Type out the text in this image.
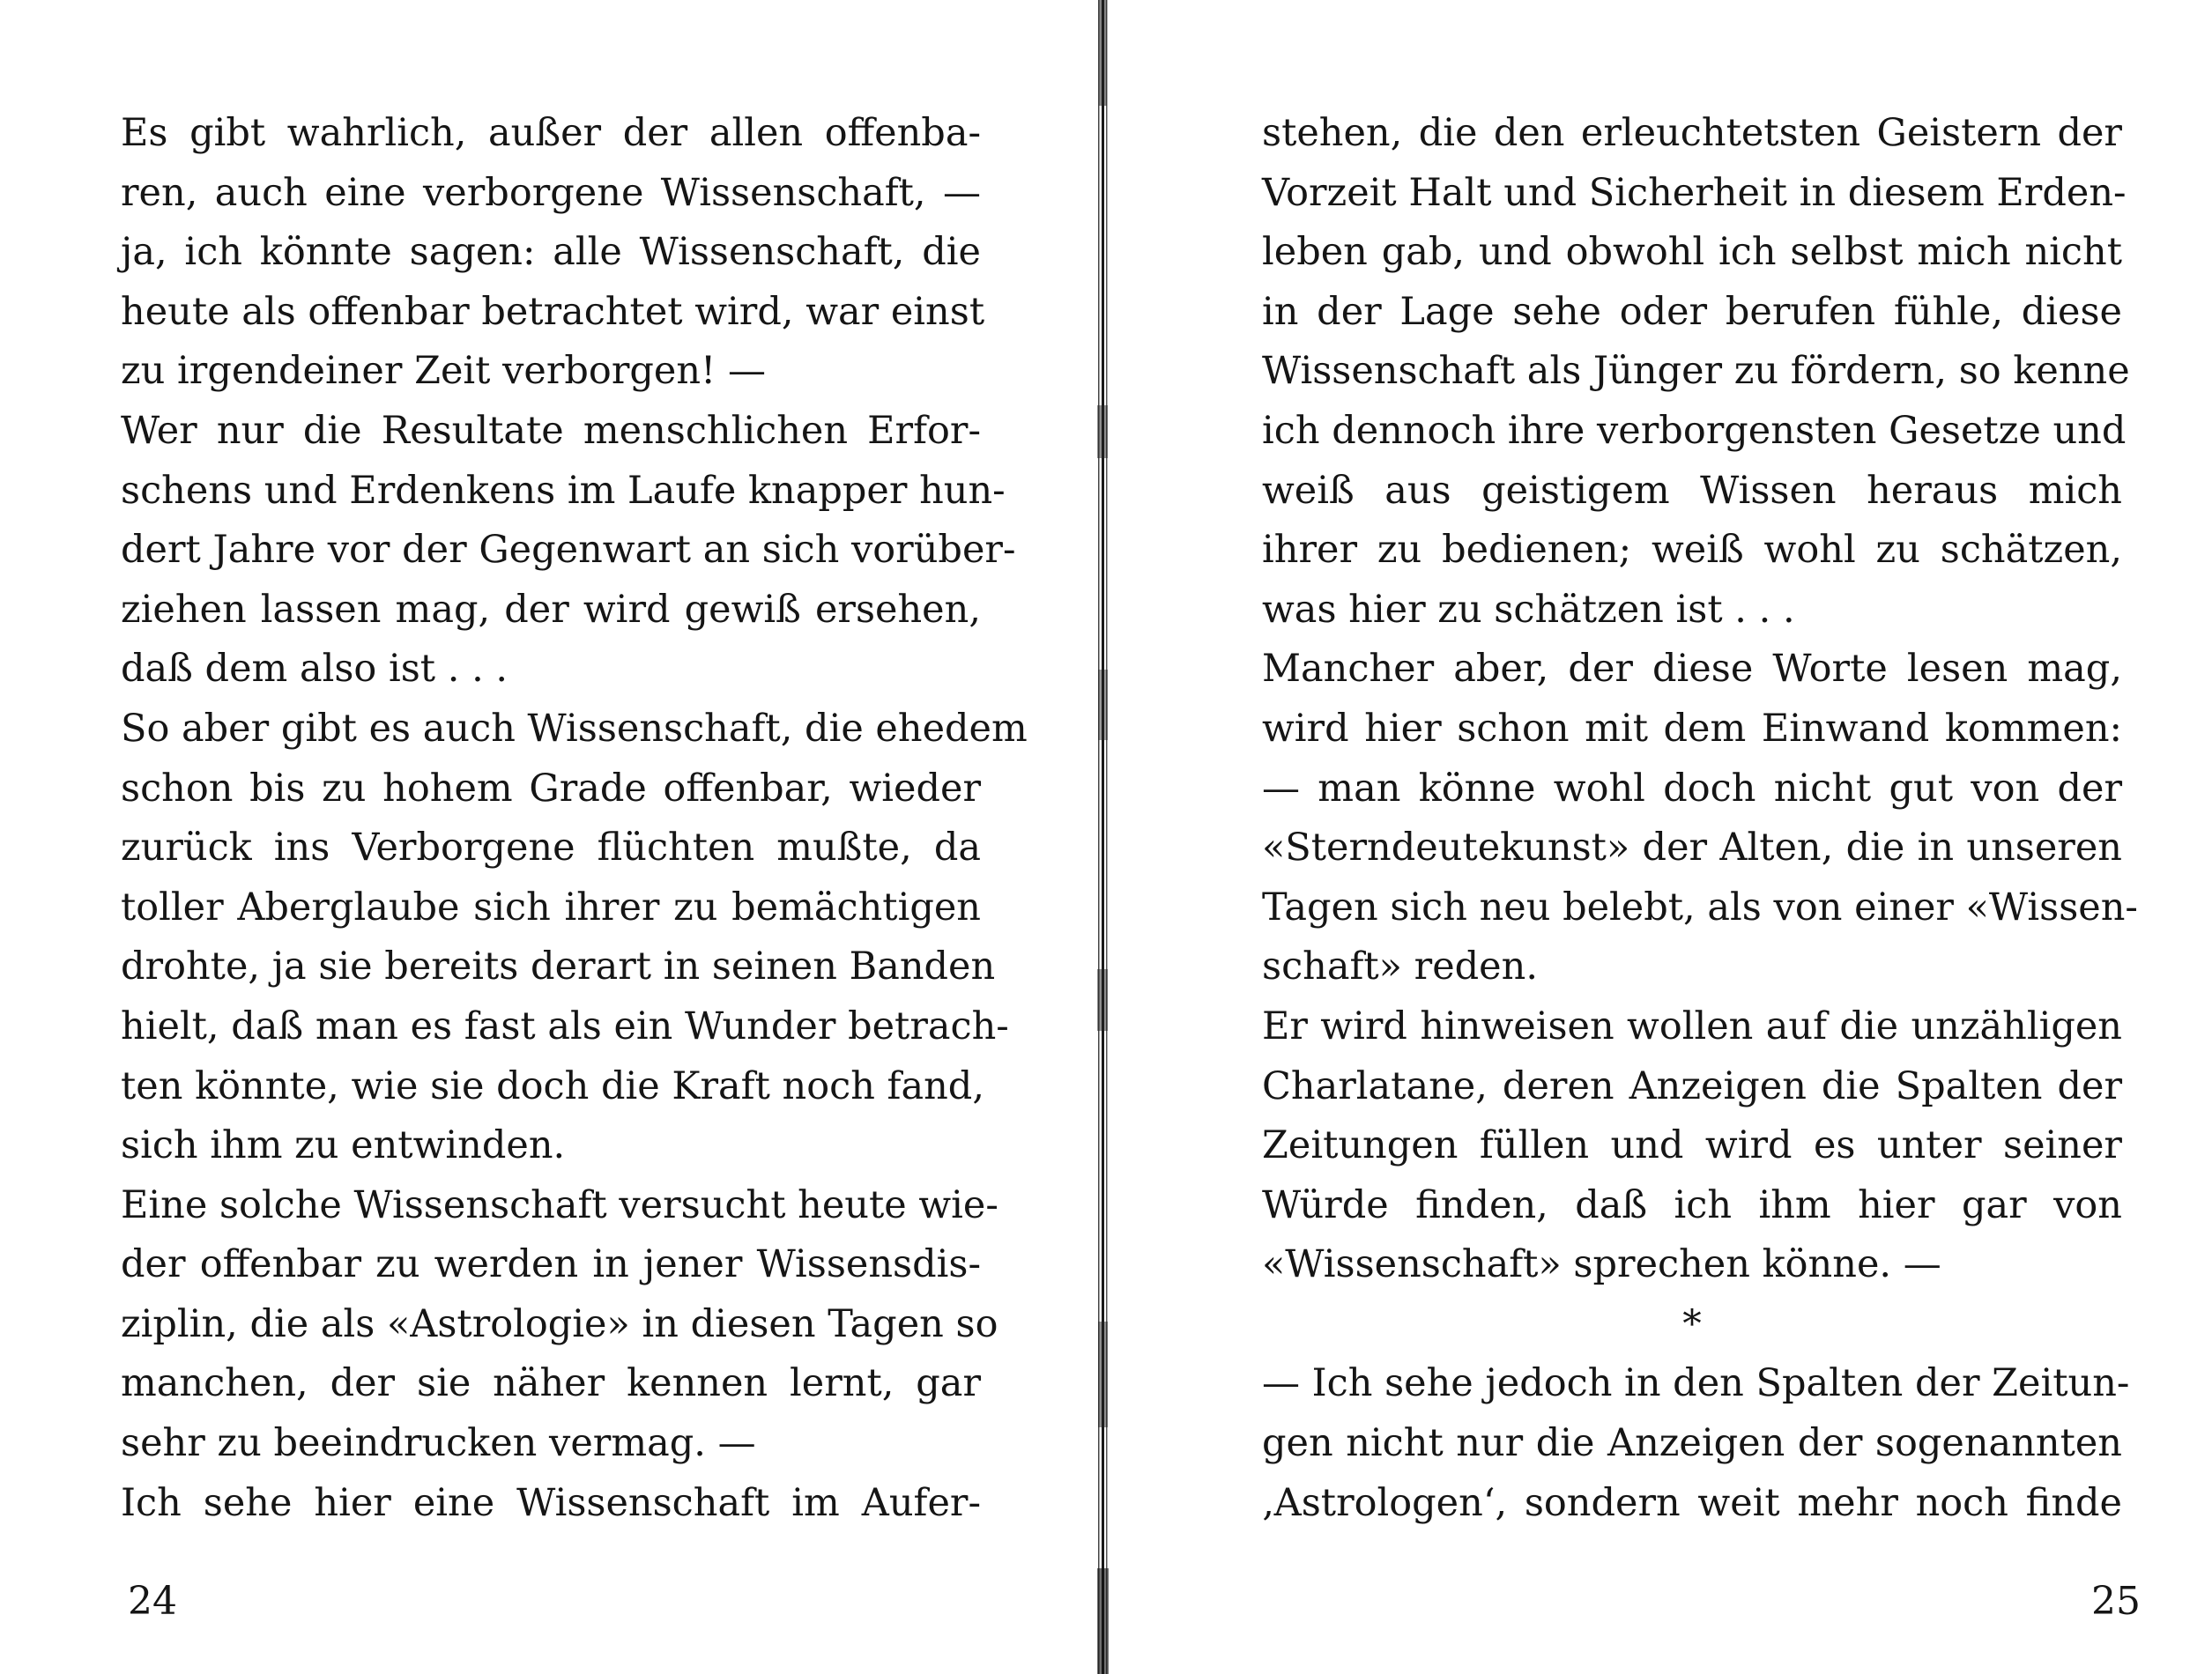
Es gibt wahrlich, außer der allen offenba-
ren, auch eine verborgene Wissenschaft, —
ja, ich könnte sagen: alle Wissenschaft, die
heute als offenbar betrachtet wird, war einst
zu irgendeiner Zeit verborgen! —
Wer nur die Resultate menschlichen Erfor-
schens und Erdenkens im Laufe knapper hun-
dert Jahre vor der Gegenwart an sich vorüber-
ziehen lassen mag, der wird gewiß ersehen,
daß dem also ist . . .
So aber gibt es auch Wissenschaft, die ehedem
schon bis zu hohem Grade offenbar, wieder
zurück ins Verborgene flüchten mußte, da
toller Aberglaube sich ihrer zu bemächtigen
drohte, ja sie bereits derart in seinen Banden
hielt, daß man es fast als ein Wunder betrach-
ten könnte, wie sie doch die Kraft noch fand,
sich ihm zu entwinden.
Eine solche Wissenschaft versucht heute wie-
der offenbar zu werden in jener Wissensdis-
ziplin, die als «Astrologie» in diesen Tagen so
manchen, der sie näher kennen lernt, gar
sehr zu beeindrucken vermag. —
Ich sehe hier eine Wissenschaft im Aufer-
24
stehen, die den erleuchtetsten Geistern der
Vorzeit Halt und Sicherheit in diesem Erden-
leben gab, und obwohl ich selbst mich nicht
in der Lage sehe oder berufen fühle, diese
Wissenschaft als Jünger zu fördern, so kenne
ich dennoch ihre verborgensten Gesetze und
weiß aus geistigem Wissen heraus mich
ihrer zu bedienen; weiß wohl zu schätzen,
was hier zu schätzen ist . . .
Mancher aber, der diese Worte lesen mag,
wird hier schon mit dem Einwand kommen:
— man könne wohl doch nicht gut von der
«Sterndeutekunst» der Alten, die in unseren
Tagen sich neu belebt, als von einer «Wissen-
schaft» reden.
Er wird hinweisen wollen auf die unzähligen
Charlatane, deren Anzeigen die Spalten der
Zeitungen füllen und wird es unter seiner
Würde finden, daß ich ihm hier gar von
«Wissenschaft» sprechen könne. —
*
— Ich sehe jedoch in den Spalten der Zeitun-
gen nicht nur die Anzeigen der sogenannten
‚Astrologen‘, sondern weit mehr noch finde
25
